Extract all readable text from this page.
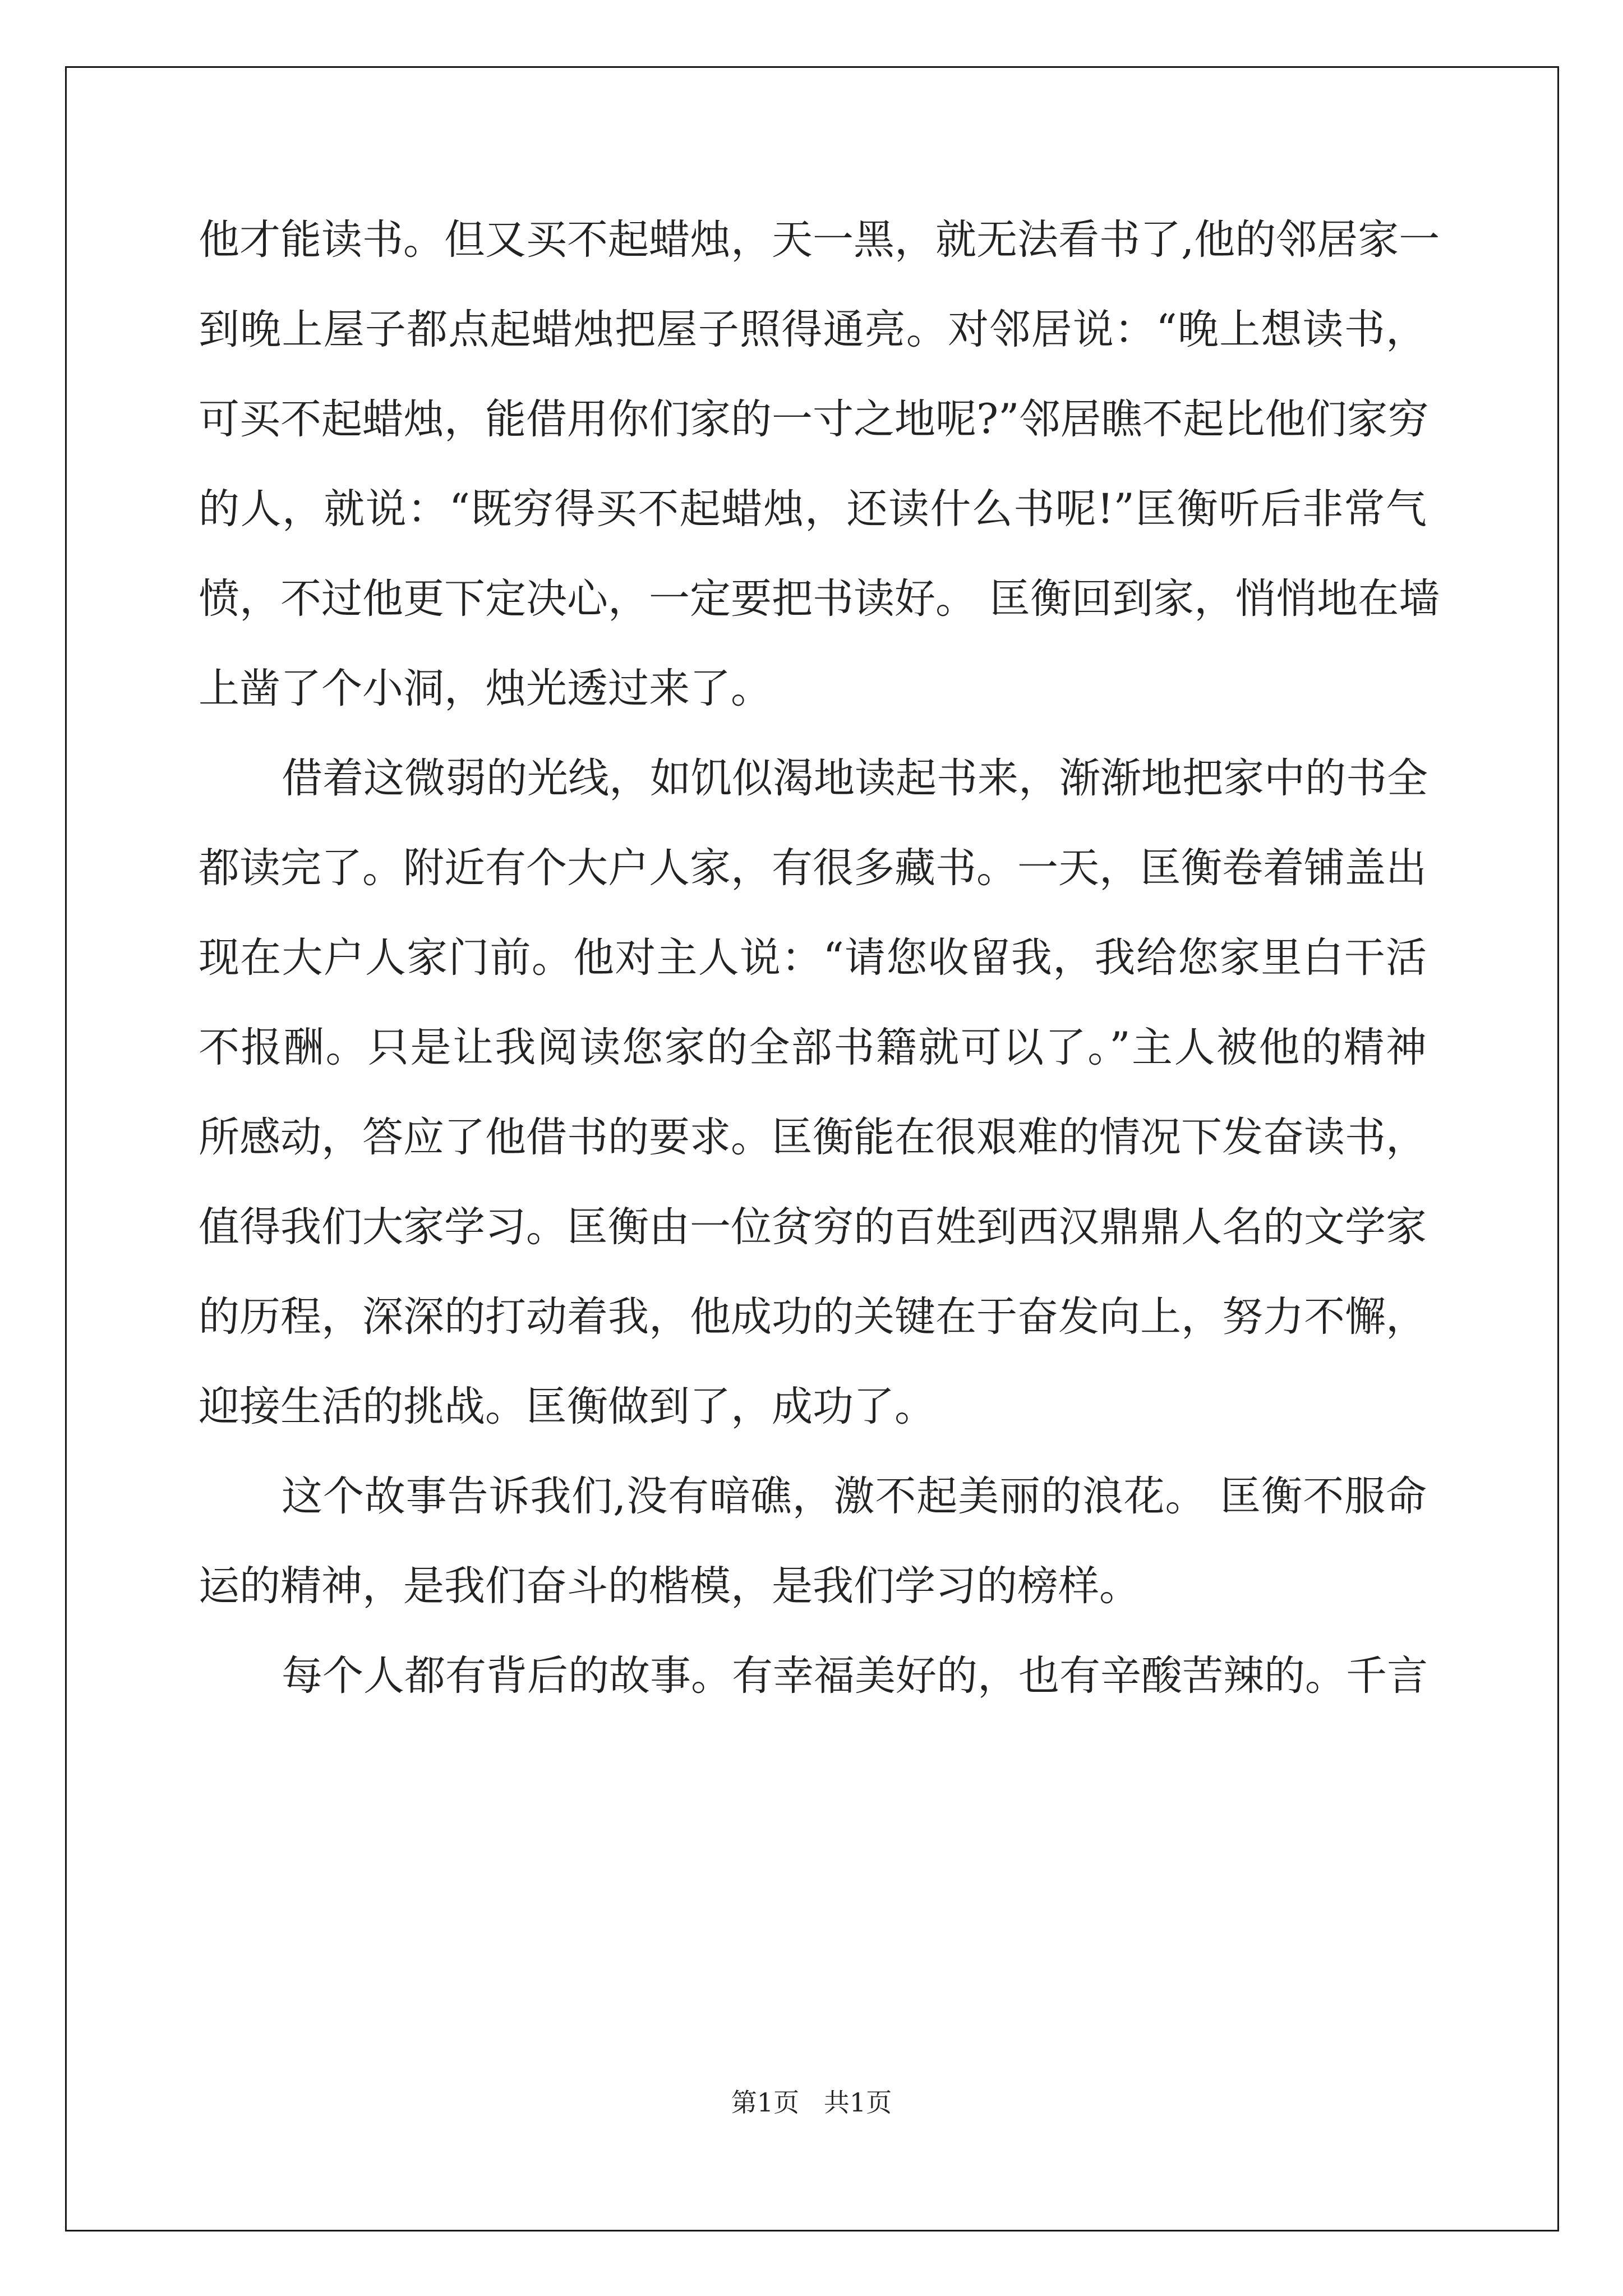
他才能读书。但又买不起蜡烛，天一黑，就无法看书了,他的邻居家一
到晚上屋子都点起蜡烛把屋子照得通亮。对邻居说：“晚上想读书，
可买不起蜡烛，能借用你们家的一寸之地呢?”邻居瞧不起比他们家穷
的人，就说：“既穷得买不起蜡烛，还读什么书呢!”匡衡听后非常气
愤，不过他更下定决心，一定要把书读好。 匡衡回到家，悄悄地在墙
上凿了个小洞，烛光透过来了。
借着这微弱的光线，如饥似渴地读起书来，渐渐地把家中的书全
都读完了。附近有个大户人家，有很多藏书。一天，匡衡卷着铺盖出
现在大户人家门前。他对主人说：“请您收留我，我给您家里白干活
不报酬。只是让我阅读您家的全部书籍就可以了。”主人被他的精神
所感动，答应了他借书的要求。匡衡能在很艰难的情况下发奋读书，
值得我们大家学习。匡衡由一位贫穷的百姓到西汉鼎鼎人名的文学家
的历程，深深的打动着我，他成功的关键在于奋发向上，努力不懈，
迎接生活的挑战。匡衡做到了，成功了。
这个故事告诉我们,没有暗礁，激不起美丽的浪花。 匡衡不服命
运的精神，是我们奋斗的楷模，是我们学习的榜样。
每个人都有背后的故事。有幸福美好的，也有辛酸苦辣的。千言
第1页   共1页
